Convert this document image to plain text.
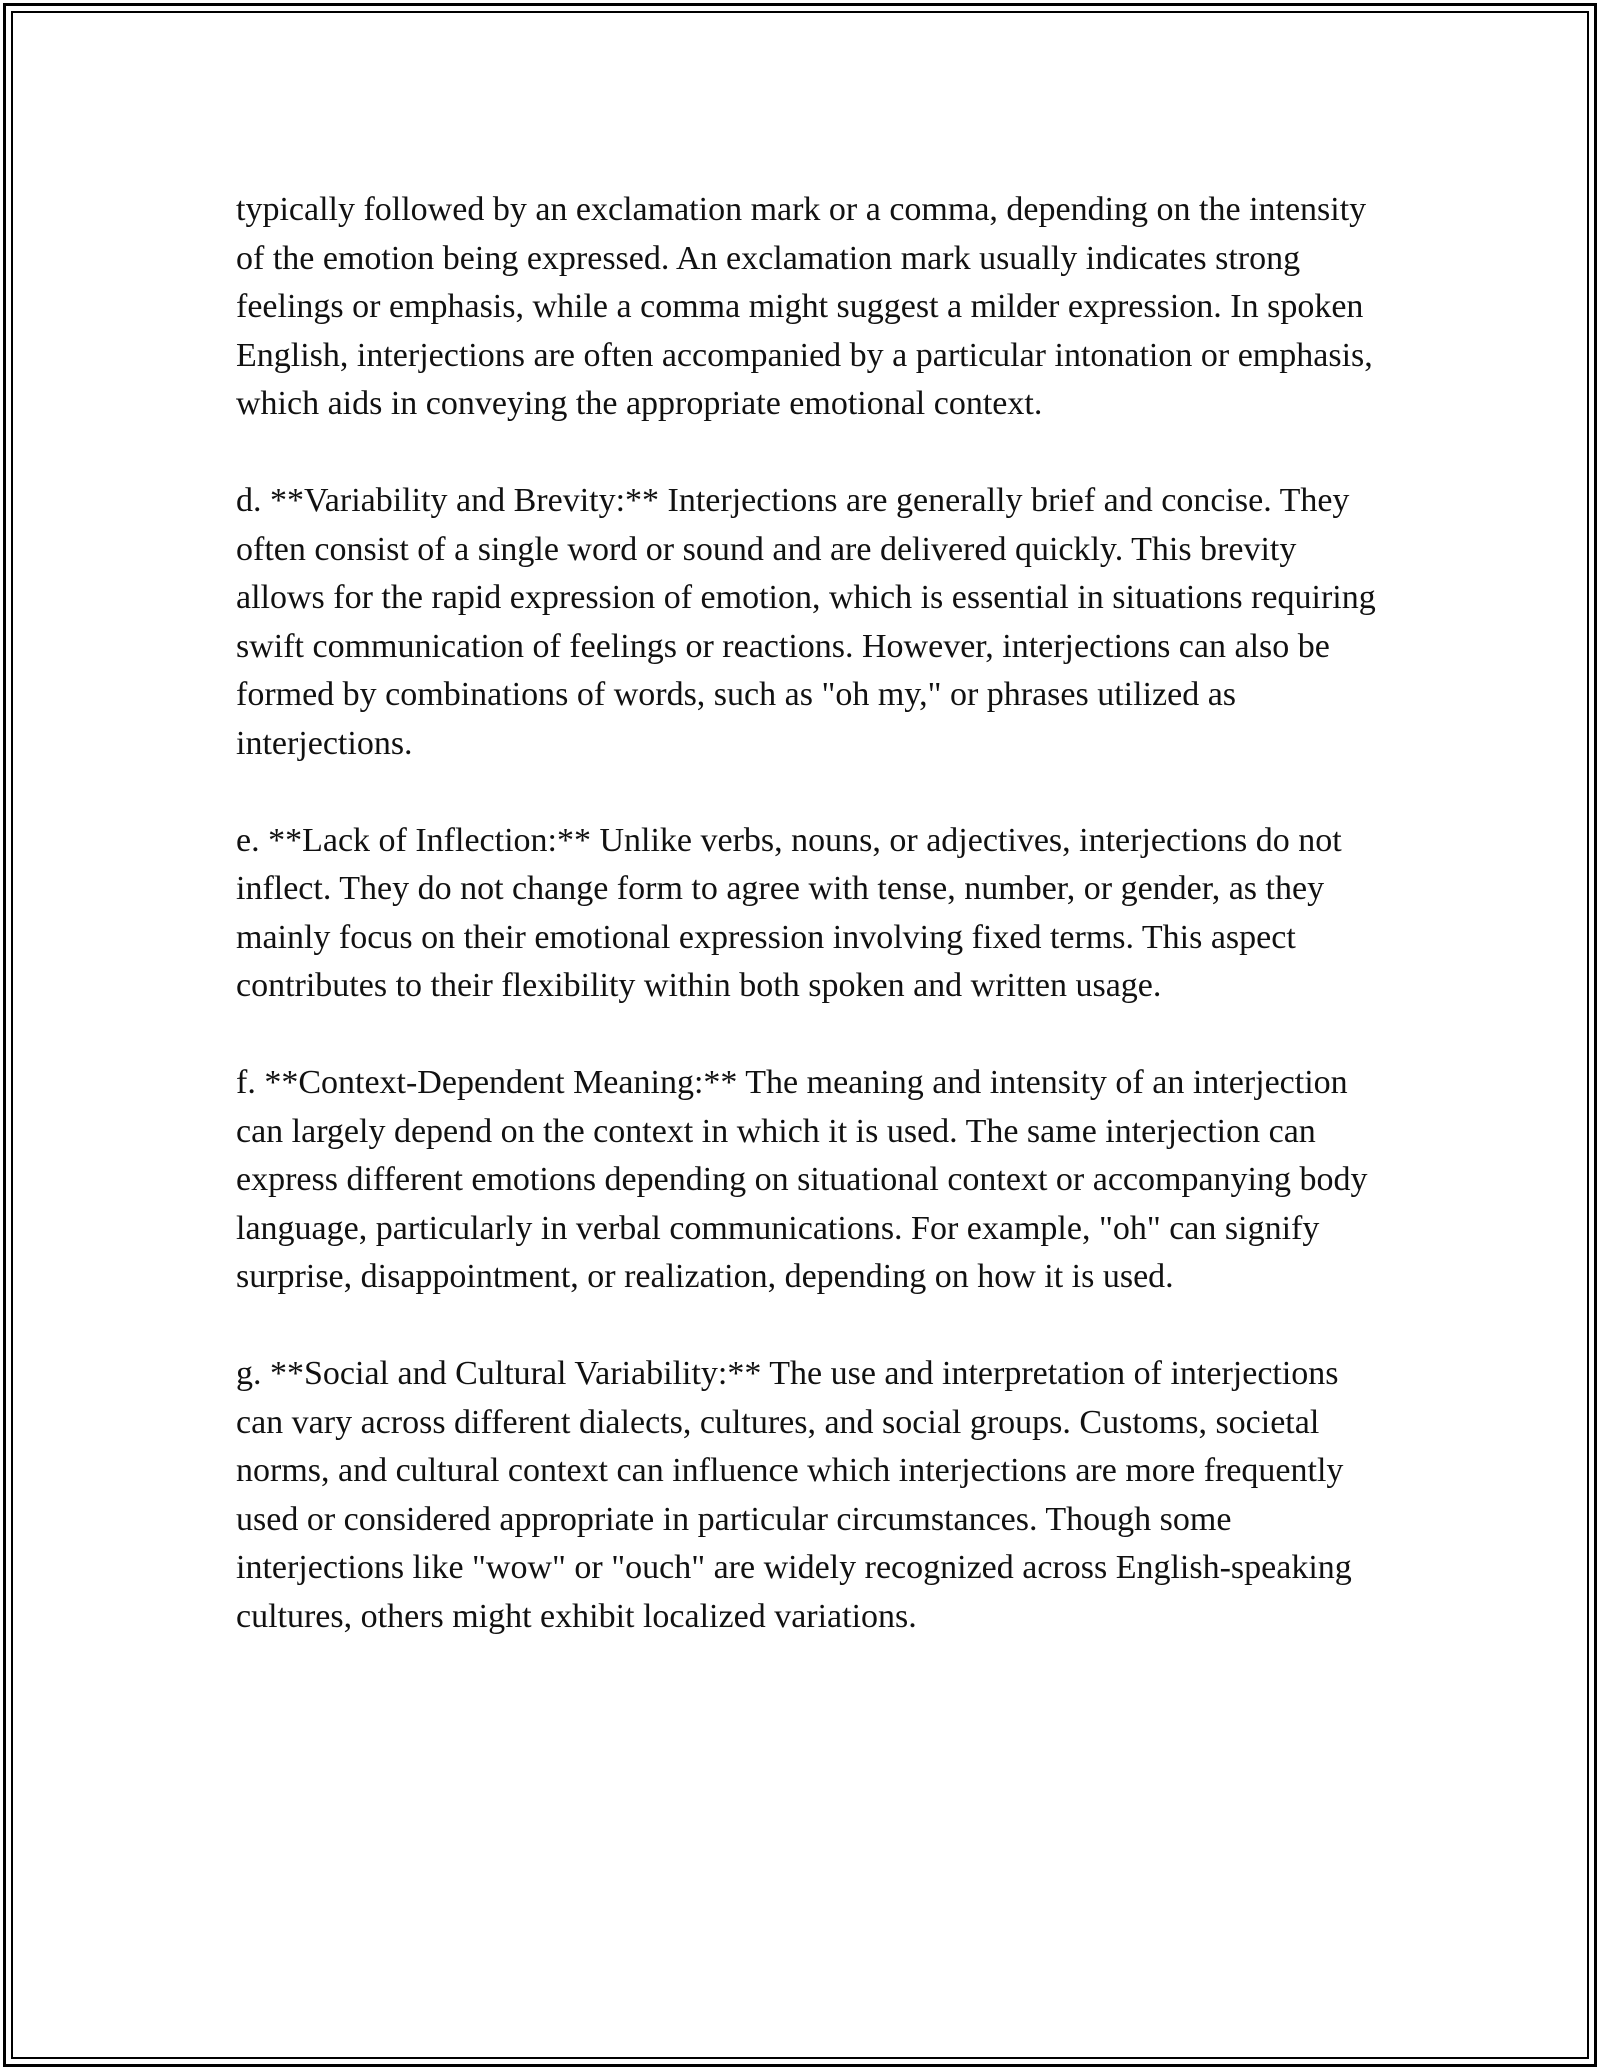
typically followed by an exclamation mark or a comma, depending on the intensity of the emotion being expressed. An exclamation mark usually indicates strong feelings or emphasis, while a comma might suggest a milder expression. In spoken English, interjections are often accompanied by a particular intonation or emphasis, which aids in conveying the appropriate emotional context.

d. **Variability and Brevity:** Interjections are generally brief and concise. They often consist of a single word or sound and are delivered quickly. This brevity allows for the rapid expression of emotion, which is essential in situations requiring swift communication of feelings or reactions. However, interjections can also be formed by combinations of words, such as "oh my," or phrases utilized as interjections.

e. **Lack of Inflection:** Unlike verbs, nouns, or adjectives, interjections do not inflect. They do not change form to agree with tense, number, or gender, as they mainly focus on their emotional expression involving fixed terms. This aspect contributes to their flexibility within both spoken and written usage.

f. **Context-Dependent Meaning:** The meaning and intensity of an interjection can largely depend on the context in which it is used. The same interjection can express different emotions depending on situational context or accompanying body language, particularly in verbal communications. For example, "oh" can signify surprise, disappointment, or realization, depending on how it is used.

g. **Social and Cultural Variability:** The use and interpretation of interjections can vary across different dialects, cultures, and social groups. Customs, societal norms, and cultural context can influence which interjections are more frequently used or considered appropriate in particular circumstances. Though some interjections like "wow" or "ouch" are widely recognized across English-speaking cultures, others might exhibit localized variations.
